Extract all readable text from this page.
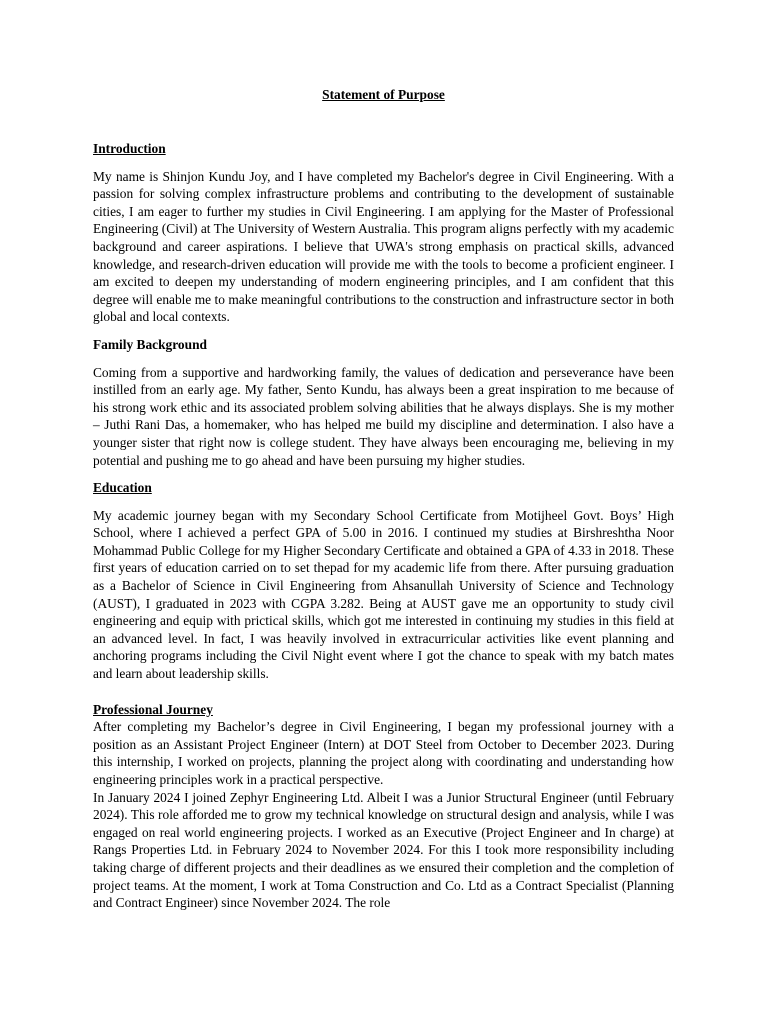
Statement of Purpose
Introduction

My name is Shinjon Kundu Joy, and I have completed my Bachelor's degree in Civil Engineering. With a passion for solving complex infrastructure problems and contributing to the development of sustainable cities, I am eager to further my studies in Civil Engineering. I am applying for the Master of Professional Engineering (Civil) at The University of Western Australia. This program aligns perfectly with my academic background and career aspirations. I believe that UWA's strong emphasis on practical skills, advanced knowledge, and research-driven education will provide me with the tools to become a proficient engineer. I am excited to deepen my understanding of modern engineering principles, and I am confident that this degree will enable me to make meaningful contributions to the construction and infrastructure sector in both global and local contexts.

Family Background

Coming from a supportive and hardworking family, the values of dedication and perseverance have been instilled from an early age. My father, Sento Kundu, has always been a great inspiration to me because of his strong work ethic and its associated problem solving abilities that he always displays. She is my mother – Juthi Rani Das, a homemaker, who has helped me build my discipline and determination. I also have a younger sister that right now is college student. They have always been encouraging me, believing in my potential and pushing me to go ahead and have been pursuing my higher studies.

Education

My academic journey began with my Secondary School Certificate from Motijheel Govt. Boys’ High School, where I achieved a perfect GPA of 5.00 in 2016. I continued my studies at Birshreshtha Noor Mohammad Public College for my Higher Secondary Certificate and obtained a GPA of 4.33 in 2018. These first years of education carried on to set thepad for my academic life from there. After pursuing graduation as a Bachelor of Science in Civil Engineering from Ahsanullah University of Science and Technology (AUST), I graduated in 2023 with CGPA 3.282. Being at AUST gave me an opportunity to study civil engineering and equip with prictical skills, which got me interested in continuing my studies in this field at an advanced level. In fact, I was heavily involved in extracurricular activities like event planning and anchoring programs including the Civil Night event where I got the chance to speak with my batch mates and learn about leadership skills.

Professional Journey

After completing my Bachelor’s degree in Civil Engineering, I began my professional journey with a position as an Assistant Project Engineer (Intern) at DOT Steel from October to December 2023. During this internship, I worked on projects, planning the project along with coordinating and understanding how engineering principles work in a practical perspective.

In January 2024 I joined Zephyr Engineering Ltd. Albeit I was a Junior Structural Engineer (until February 2024). This role afforded me to grow my technical knowledge on structural design and analysis, while I was engaged on real world engineering projects. I worked as an Executive (Project Engineer and In charge) at Rangs Properties Ltd. in February 2024 to November 2024. For this I took more responsibility including taking charge of different projects and their deadlines as we ensured their completion and the completion of project teams. At the moment, I work at Toma Construction and Co. Ltd as a Contract Specialist (Planning and Contract Engineer) since November 2024. The role
